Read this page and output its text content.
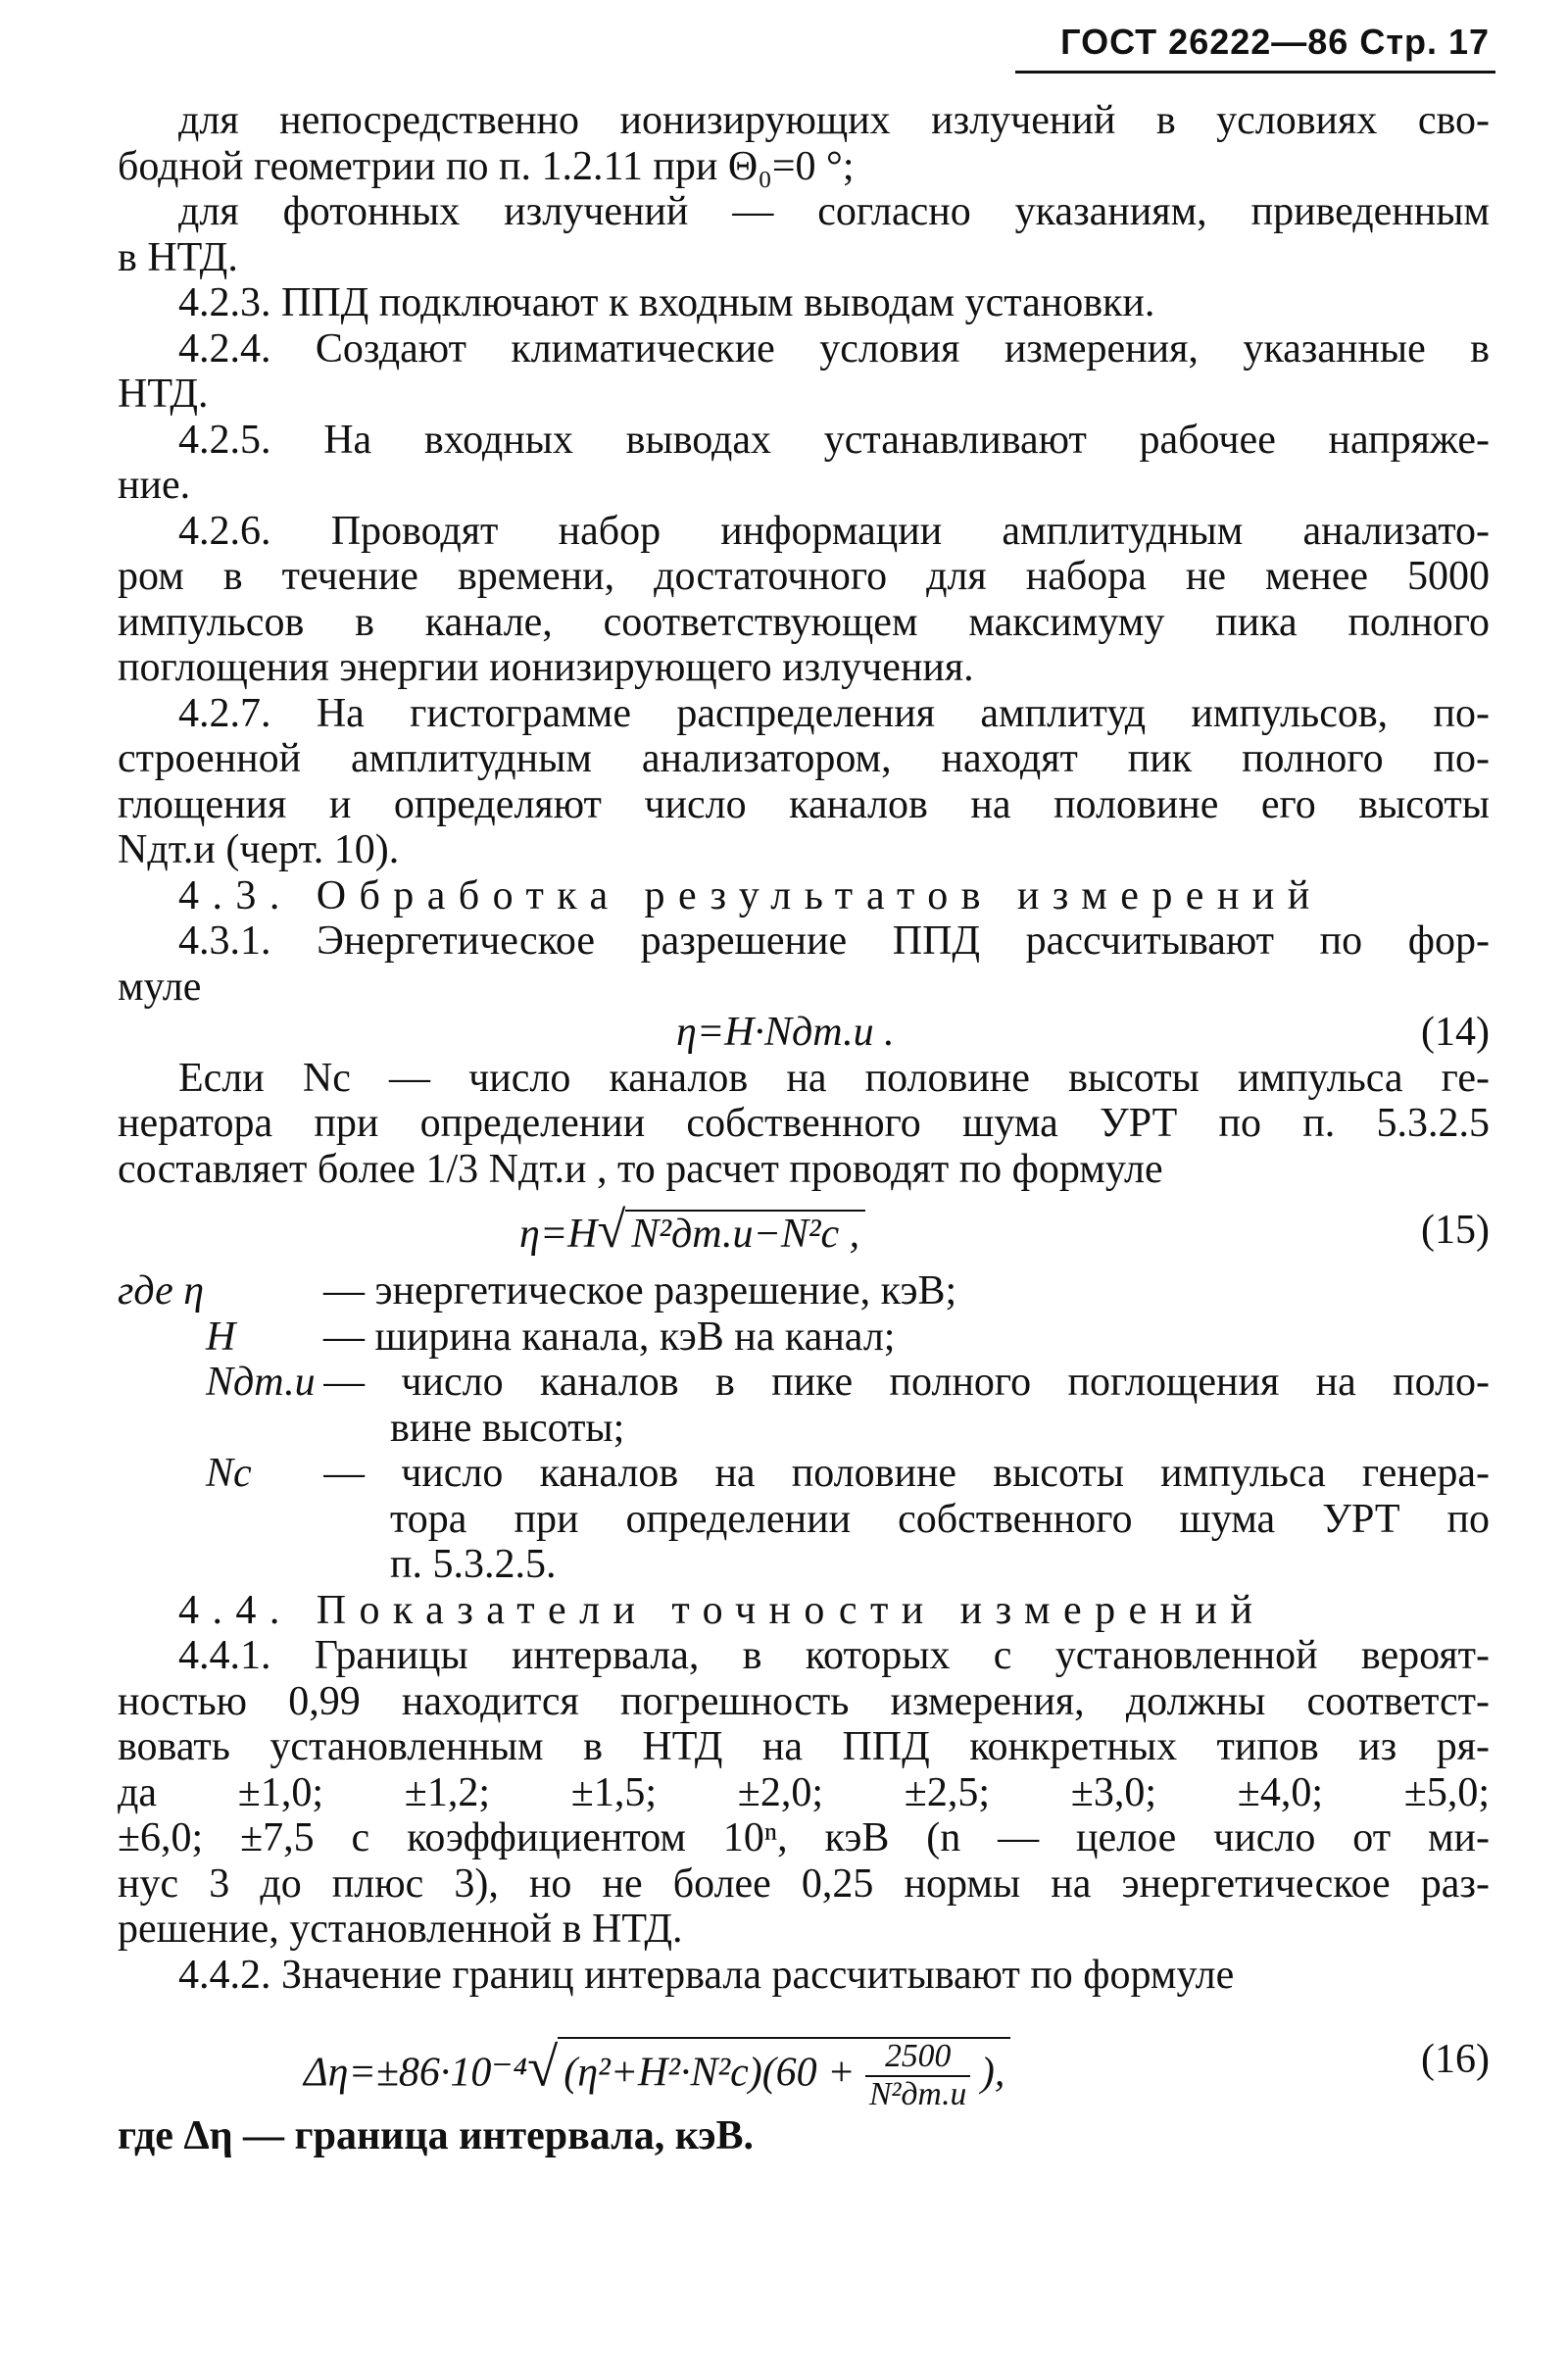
ГОСТ 26222—86 Стр. 17
для непосредственно ионизирующих излучений в условиях сво-
бодной геометрии по п. 1.2.11 при Θ₀=0 °;
для фотонных излучений — согласно указаниям, приведенным
в НТД.
4.2.3. ППД подключают к входным выводам установки.
4.2.4. Создают климатические условия измерения, указанные в
НТД.
4.2.5. На входных выводах устанавливают рабочее напряже-
ние.
4.2.6. Проводят набор информации амплитудным анализато-
ром в течение времени, достаточного для набора не менее 5000
импульсов в канале, соответствующем максимуму пика полного
поглощения энергии ионизирующего излучения.
4.2.7. На гистограмме распределения амплитуд импульсов, по-
строенной амплитудным анализатором, находят пик полного по-
глощения и определяют число каналов на половине его высоты
Nдт.и (черт. 10).
4.3. Обработка результатов измерений
4.3.1. Энергетическое разрешение ППД рассчитывают по фор-
муле
η=H·Nдт.и .	(14)
Если Nс — число каналов на половине высоты импульса ге-
нератора при определении собственного шума УРТ по п. 5.3.2.5
составляет более 1/3 Nдт.и , то расчет проводят по формуле
η=H√ N²дт.и−N²с ,	(15)
где η	— энергетическое разрешение, кэВ;
H — ширина канала, кэВ на канал;
Nдт.и — число каналов в пике полного поглощения на поло-
вине высоты;
Nс — число каналов на половине высоты импульса генера-
тора при определении собственного шума УРТ по
п. 5.3.2.5.
4.4. Показатели точности измерений
4.4.1. Границы интервала, в которых с установленной вероят-
ностью 0,99 находится погрешность измерения, должны соответст-
вовать установленным в НТД на ППД конкретных типов из ря-
да ±1,0; ±1,2; ±1,5; ±2,0; ±2,5; ±3,0; ±4,0; ±5,0;
±6,0; ±7,5 с коэффициентом 10ⁿ, кэВ (n — целое число от ми-
нус 3 до плюс 3), но не более 0,25 нормы на энергетическое раз-
решение, установленной в НТД.
4.4.2. Значение границ интервала рассчитывают по формуле
Δη=±86·10⁻⁴√ $(\eta^2+H^2\cdot N^2с)(60 + \frac{2500}{\text{N²дт.и}}$ ),	(16)
где Δη — граница интервала, кэВ.
